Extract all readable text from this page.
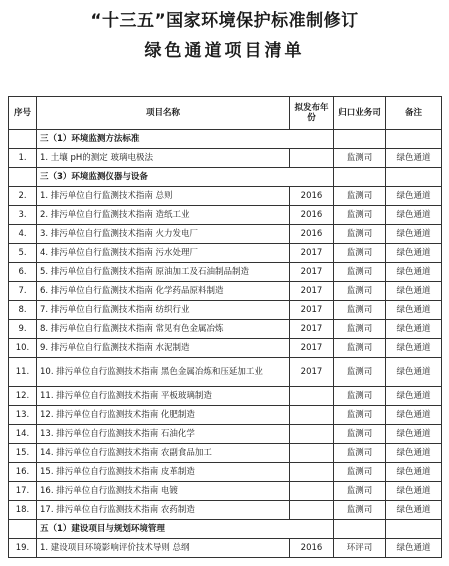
“十三五”国家环境保护标准制修订
绿色通道项目清单
序号	项目名称	拟发布年份	归口业务司	备注
	三（1）环境监测方法标准			
1.	1. 土壤 pH的测定 玻璃电极法		监测司	绿色通道
	三（3）环境监测仪器与设备			
2.	1. 排污单位自行监测技术指南 总则	2016	监测司	绿色通道
3.	2. 排污单位自行监测技术指南 造纸工业	2016	监测司	绿色通道
4.	3. 排污单位自行监测技术指南 火力发电厂	2016	监测司	绿色通道
5.	4. 排污单位自行监测技术指南 污水处理厂	2017	监测司	绿色通道
6.	5. 排污单位自行监测技术指南 原油加工及石油制品制造	2017	监测司	绿色通道
7.	6. 排污单位自行监测技术指南 化学药品原料制造	2017	监测司	绿色通道
8.	7. 排污单位自行监测技术指南 纺织行业	2017	监测司	绿色通道
9.	8. 排污单位自行监测技术指南 常见有色金属冶炼	2017	监测司	绿色通道
10.	9. 排污单位自行监测技术指南 水泥制造	2017	监测司	绿色通道
11.	10. 排污单位自行监测技术指南 黑色金属冶炼和压延加工业	2017	监测司	绿色通道
12.	11. 排污单位自行监测技术指南 平板玻璃制造		监测司	绿色通道
13.	12. 排污单位自行监测技术指南 化肥制造		监测司	绿色通道
14.	13. 排污单位自行监测技术指南 石油化学		监测司	绿色通道
15.	14. 排污单位自行监测技术指南 农副食品加工		监测司	绿色通道
16.	15. 排污单位自行监测技术指南 皮革制造		监测司	绿色通道
17.	16. 排污单位自行监测技术指南 电镀		监测司	绿色通道
18.	17. 排污单位自行监测技术指南 农药制造		监测司	绿色通道
	五（1）建设项目与规划环境管理			
19.	1. 建设项目环境影响评价技术导则 总纲	2016	环评司	绿色通道
